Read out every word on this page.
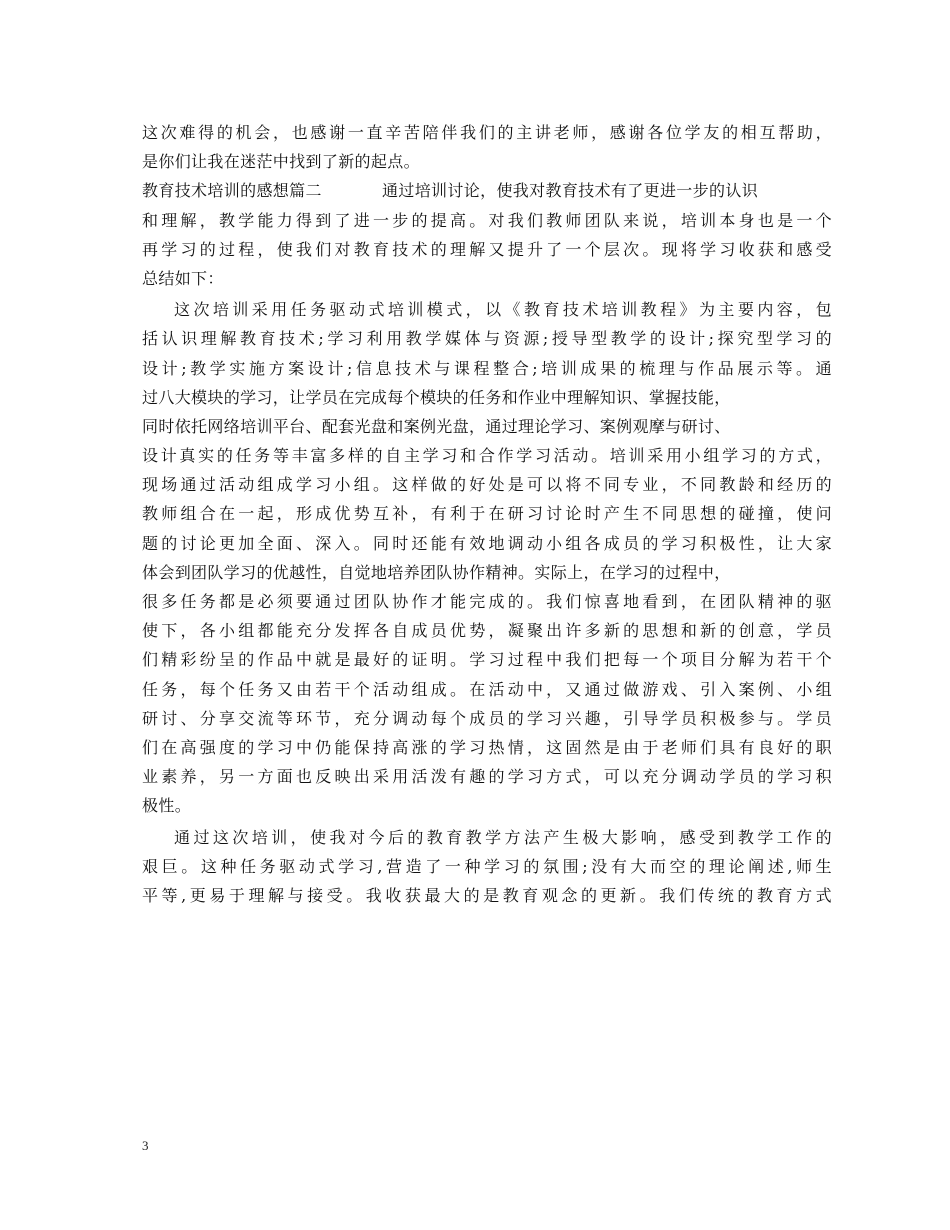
这次难得的机会，也感谢一直辛苦陪伴我们的主讲老师，感谢各位学友的相互帮助，
是你们让我在迷茫中找到了新的起点。
教育技术培训的感想篇二	通过培训讨论，使我对教育技术有了更进一步的认识
和理解，教学能力得到了进一步的提高。对我们教师团队来说，培训本身也是一个
再学习的过程，使我们对教育技术的理解又提升了一个层次。现将学习收获和感受
总结如下：
这次培训采用任务驱动式培训模式，以《教育技术培训教程》为主要内容，包
括认识理解教育技术;学习利用教学媒体与资源;授导型教学的设计;探究型学习的
设计;教学实施方案设计;信息技术与课程整合;培训成果的梳理与作品展示等。通
过八大模块的学习，让学员在完成每个模块的任务和作业中理解知识、掌握技能，
同时依托网络培训平台、配套光盘和案例光盘，通过理论学习、案例观摩与研讨、
设计真实的任务等丰富多样的自主学习和合作学习活动。培训采用小组学习的方式，
现场通过活动组成学习小组。这样做的好处是可以将不同专业，不同教龄和经历的
教师组合在一起，形成优势互补，有利于在研习讨论时产生不同思想的碰撞，使问
题的讨论更加全面、深入。同时还能有效地调动小组各成员的学习积极性，让大家
体会到团队学习的优越性，自觉地培养团队协作精神。实际上，在学习的过程中，
很多任务都是必须要通过团队协作才能完成的。我们惊喜地看到，在团队精神的驱
使下，各小组都能充分发挥各自成员优势，凝聚出许多新的思想和新的创意，学员
们精彩纷呈的作品中就是最好的证明。学习过程中我们把每一个项目分解为若干个
任务，每个任务又由若干个活动组成。在活动中，又通过做游戏、引入案例、小组
研讨、分享交流等环节，充分调动每个成员的学习兴趣，引导学员积极参与。学员
们在高强度的学习中仍能保持高涨的学习热情，这固然是由于老师们具有良好的职
业素养，另一方面也反映出采用活泼有趣的学习方式，可以充分调动学员的学习积
极性。
通过这次培训，使我对今后的教育教学方法产生极大影响，感受到教学工作的
艰巨。这种任务驱动式学习,营造了一种学习的氛围;没有大而空的理论阐述,师生
平等,更易于理解与接受。我收获最大的是教育观念的更新。我们传统的教育方式
3
